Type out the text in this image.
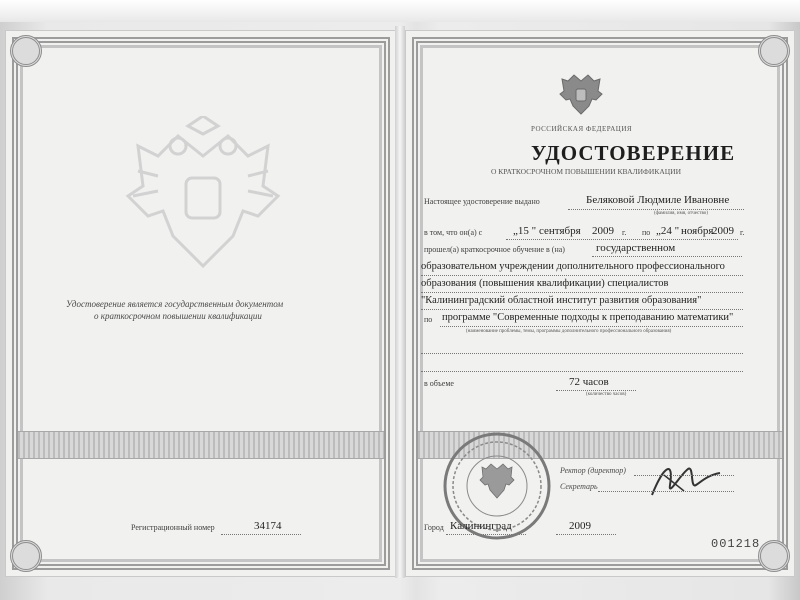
Удостоверение является государственным документом
о краткосрочном повышении квалификации
Регистрационный номер	34174
РОССИЙСКАЯ ФЕДЕРАЦИЯ
УДОСТОВЕРЕНИЕ
О КРАТКОСРОЧНОМ ПОВЫШЕНИИ КВАЛИФИКАЦИИ
Настоящее удостоверение выдано	Беляковой Людмиле Ивановне
(фамилия, имя, отчество)
в том, что он(а) с	„15 " сентября 2009 г. по „24 " ноября
2009 г.
прошел(а) краткосрочное обучение в (на)	государственном
образовательном учреждении дополнительного профессионального
образования (повышения квалификации) специалистов
"Калининградский областной институт развития образования"
по программе "Современные подходы к преподаванию математики"
(наименование проблемы, темы, программы дополнительного профессионального образования)
в объеме	72 часов
(количество часов)
Ректор (директор)
Секретарь
Город Калининград	2009
001218
